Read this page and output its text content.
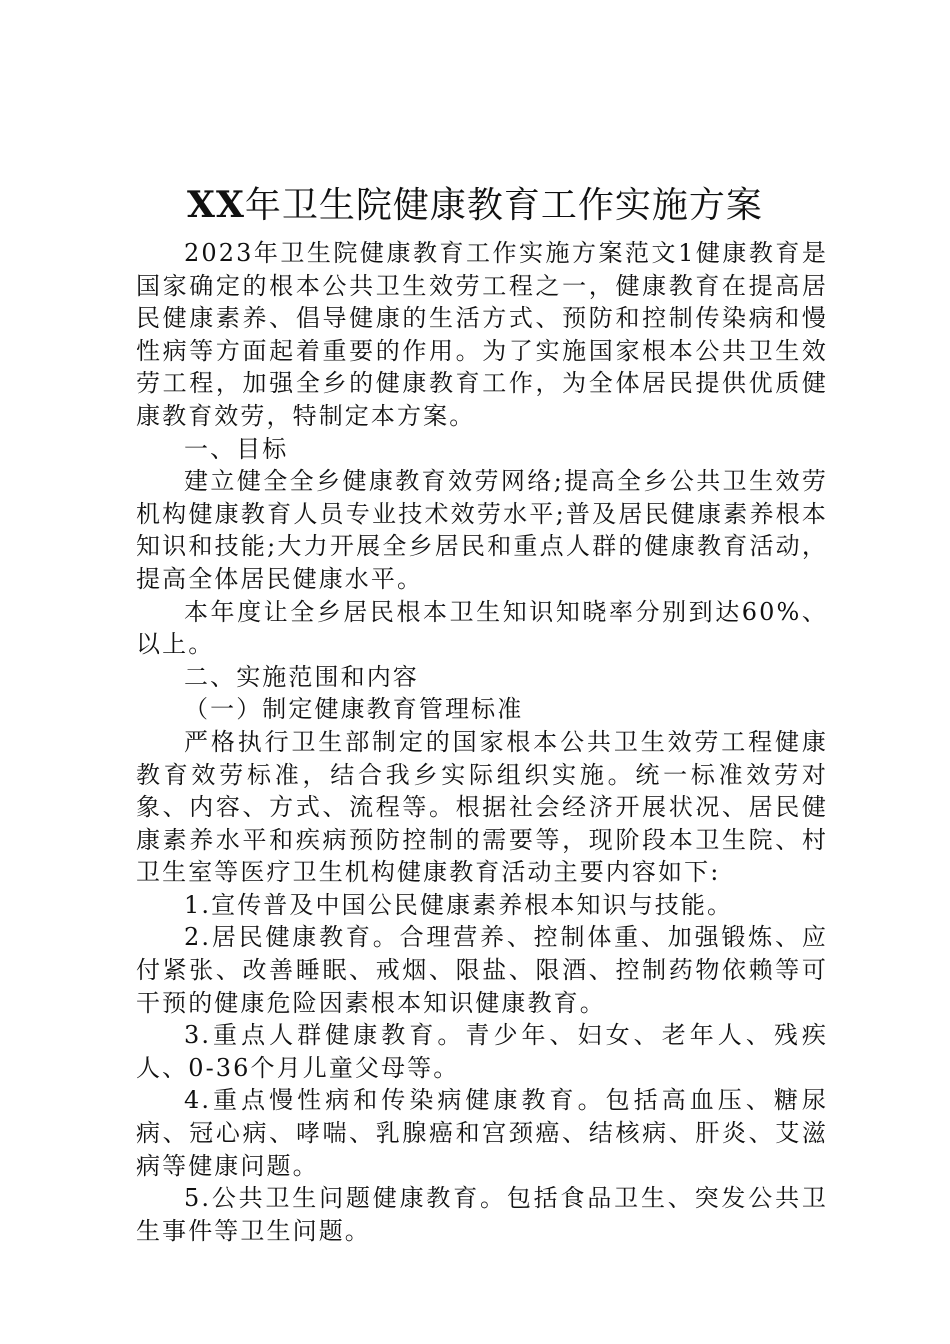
XX年卫生院健康教育工作实施方案

2023年卫生院健康教育工作实施方案范文1健康教育是国家确定的根本公共卫生效劳工程之一，健康教育在提高居民健康素养、倡导健康的生活方式、预防和控制传染病和慢性病等方面起着重要的作用。为了实施国家根本公共卫生效劳工程，加强全乡的健康教育工作，为全体居民提供优质健康教育效劳，特制定本方案。

一、目标

建立健全全乡健康教育效劳网络;提高全乡公共卫生效劳机构健康教育人员专业技术效劳水平;普及居民健康素养根本知识和技能;大力开展全乡居民和重点人群的健康教育活动，提高全体居民健康水平。

本年度让全乡居民根本卫生知识知晓率分别到达60%、以上。

二、实施范围和内容

（一）制定健康教育管理标准

严格执行卫生部制定的国家根本公共卫生效劳工程健康教育效劳标准，结合我乡实际组织实施。统一标准效劳对象、内容、方式、流程等。根据社会经济开展状况、居民健康素养水平和疾病预防控制的需要等，现阶段本卫生院、村卫生室等医疗卫生机构健康教育活动主要内容如下:

1.宣传普及中国公民健康素养根本知识与技能。

2.居民健康教育。合理营养、控制体重、加强锻炼、应付紧张、改善睡眠、戒烟、限盐、限酒、控制药物依赖等可干预的健康危险因素根本知识健康教育。

3.重点人群健康教育。青少年、妇女、老年人、残疾人、0-36个月儿童父母等。

4.重点慢性病和传染病健康教育。包括高血压、糖尿病、冠心病、哮喘、乳腺癌和宫颈癌、结核病、肝炎、艾滋病等健康问题。

5.公共卫生问题健康教育。包括食品卫生、突发公共卫生事件等卫生问题。
